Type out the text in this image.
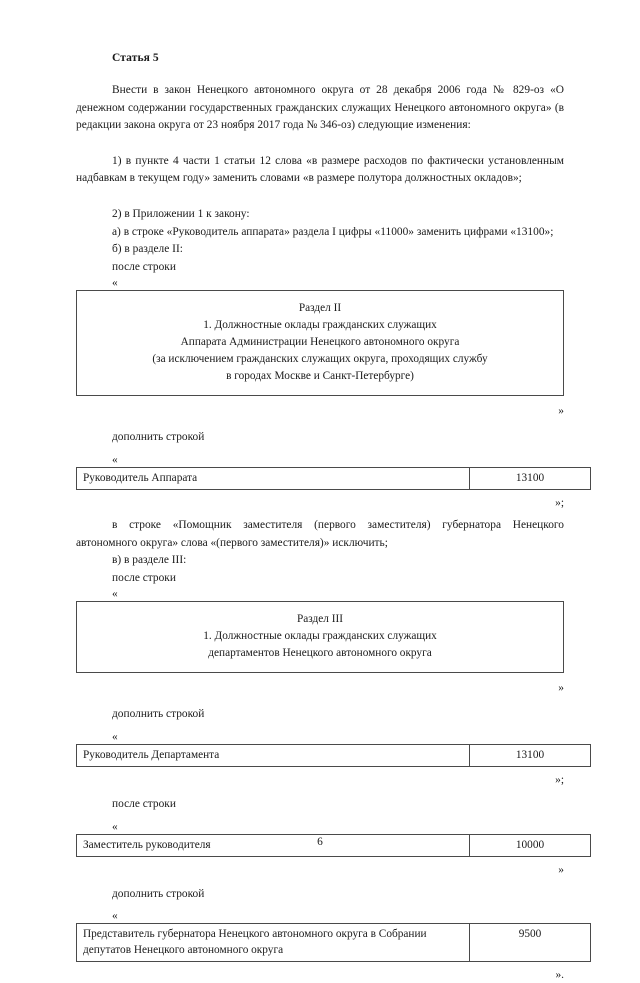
Статья 5

Внести в закон Ненецкого автономного округа от 28 декабря 2006 года № 829-оз «О денежном содержании государственных гражданских служащих Ненецкого автономного округа» (в редакции закона округа от 23 ноября 2017 года № 346-оз) следующие изменения:

1) в пункте 4 части 1 статьи 12 слова «в размере расходов по фактически установленным надбавкам в текущем году» заменить словами «в размере полутора должностных окладов»;

2) в Приложении 1 к закону:

а) в строке «Руководитель аппарата» раздела I цифры «11000» заменить цифрами «13100»;

б) в разделе II:

после строки

«
Раздел II
1. Должностные оклады гражданских служащих
Аппарата Администрации Ненецкого автономного округа
(за исключением гражданских служащих округа, проходящих службу
в городах Москве и Санкт-Петербурге)
»

дополнить строкой

«
Руководитель Аппарата	13100
»;

в строке «Помощник заместителя (первого заместителя) губернатора Ненецкого автономного округа» слова «(первого заместителя)» исключить;

в) в разделе III:

после строки

«
Раздел III
1. Должностные оклады гражданских служащих
департаментов Ненецкого автономного округа
»

дополнить строкой

«
Руководитель Департамента	13100
»;

после строки

«
Заместитель руководителя	10000
»

дополнить строкой

«
Представитель губернатора Ненецкого автономного округа в Собрании депутатов Ненецкого автономного округа	9500
».
6
